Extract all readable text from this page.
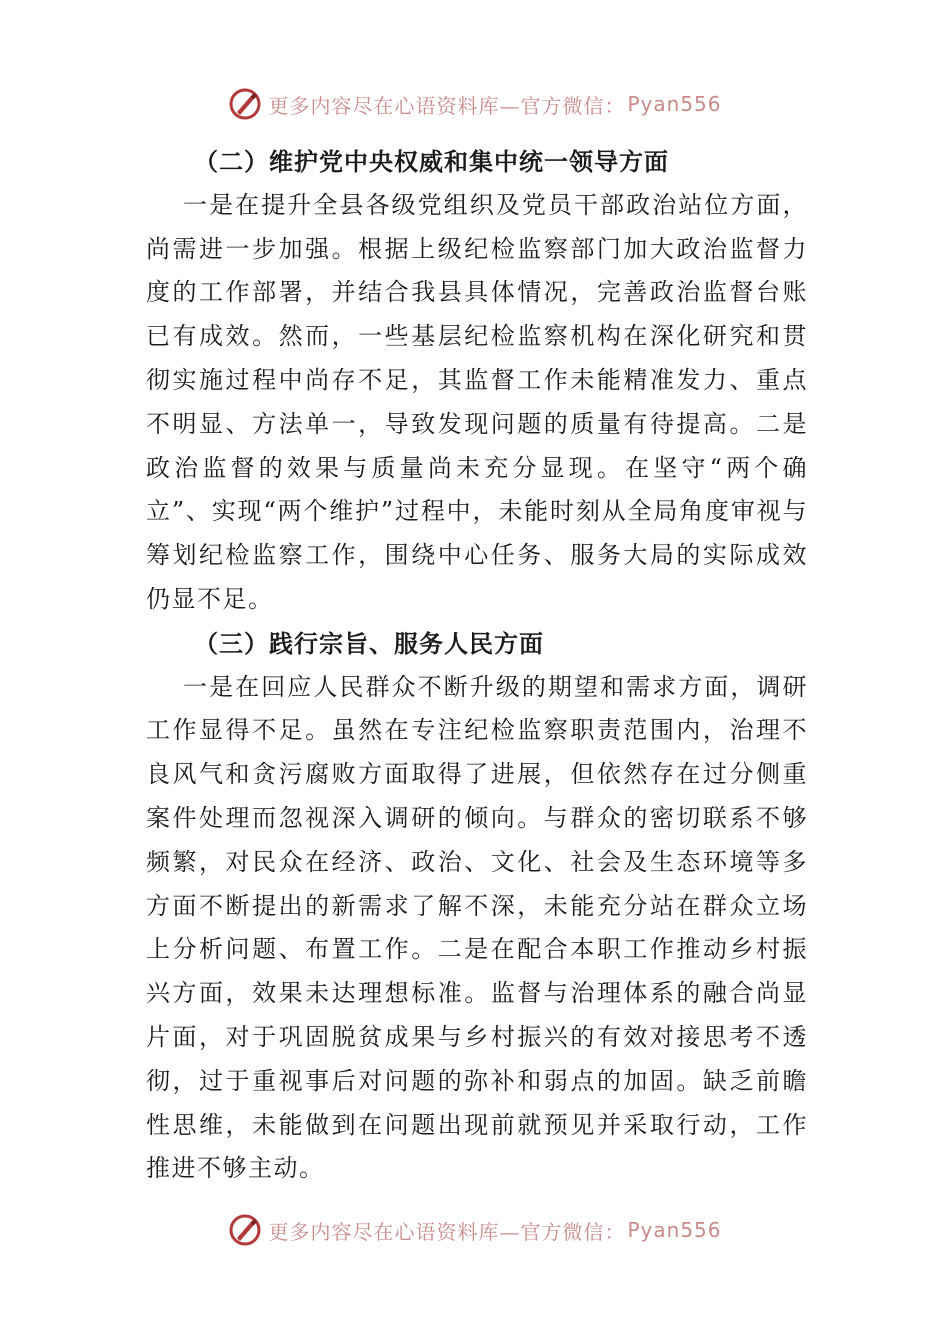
更多内容尽在心语资料库—官方微信： Pyan556
（二）维护党中央权威和集中统一领导方面

一是在提升全县各级党组织及党员干部政治站位方面，尚需进一步加强。根据上级纪检监察部门加大政治监督力度的工作部署，并结合我县具体情况，完善政治监督台账已有成效。然而，一些基层纪检监察机构在深化研究和贯彻实施过程中尚存不足，其监督工作未能精准发力、重点不明显、方法单一，导致发现问题的质量有待提高。二是政治监督的效果与质量尚未充分显现。在坚守“两个确立”、实现“两个维护”过程中，未能时刻从全局角度审视与筹划纪检监察工作，围绕中心任务、服务大局的实际成效仍显不足。

（三）践行宗旨、服务人民方面

一是在回应人民群众不断升级的期望和需求方面，调研工作显得不足。虽然在专注纪检监察职责范围内，治理不良风气和贪污腐败方面取得了进展，但依然存在过分侧重案件处理而忽视深入调研的倾向。与群众的密切联系不够频繁，对民众在经济、政治、文化、社会及生态环境等多方面不断提出的新需求了解不深，未能充分站在群众立场上分析问题、布置工作。二是在配合本职工作推动乡村振兴方面，效果未达理想标准。监督与治理体系的融合尚显片面，对于巩固脱贫成果与乡村振兴的有效对接思考不透彻，过于重视事后对问题的弥补和弱点的加固。缺乏前瞻性思维，未能做到在问题出现前就预见并采取行动，工作推进不够主动。

更多内容尽在心语资料库—官方微信： Pyan556
